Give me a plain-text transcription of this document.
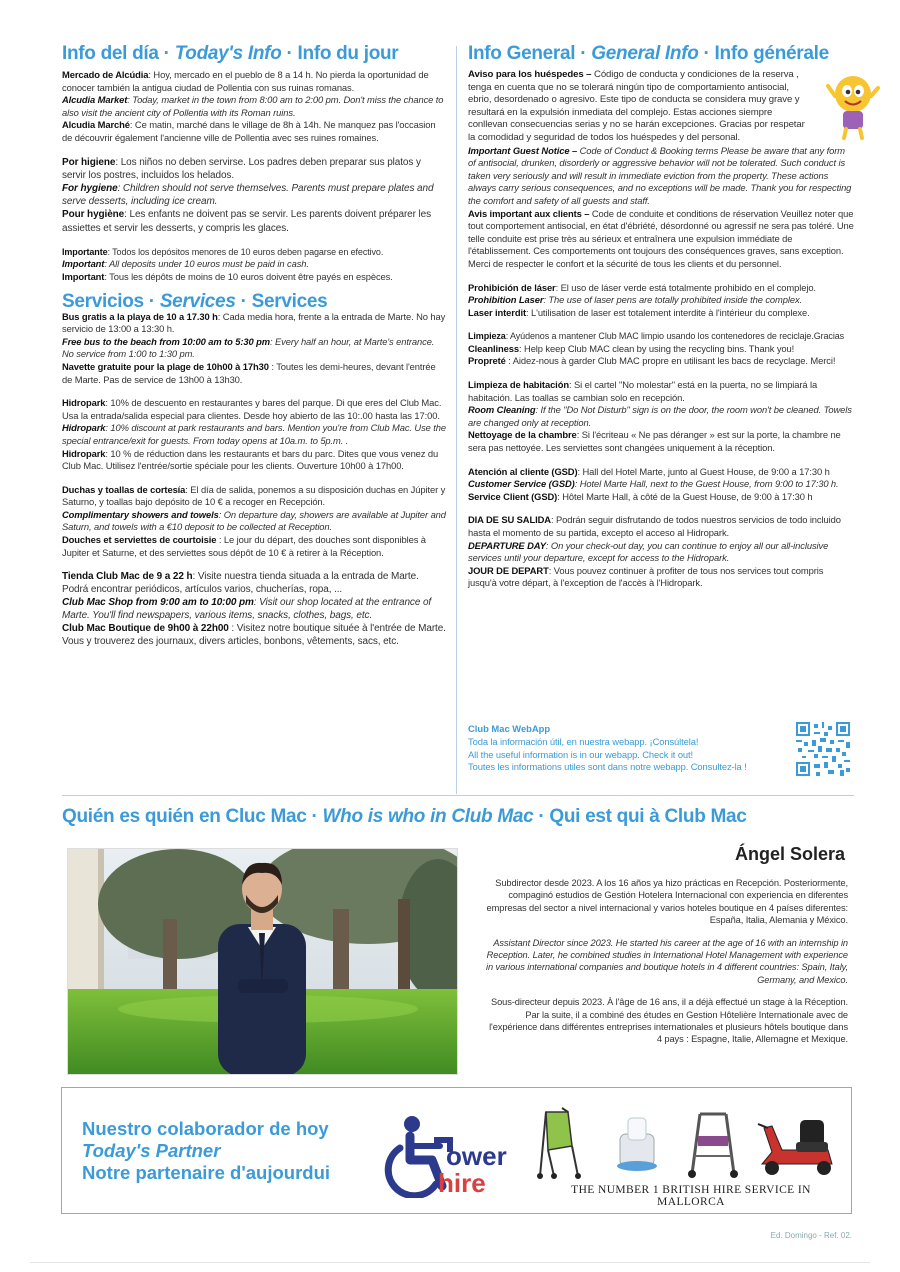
Info del día · Today's Info · Info du jour
Mercado de Alcúdia: Hoy, mercado en el pueblo de 8 a 14 h. No pierda la oportunidad de conocer también la antigua ciudad de Pollentia con sus ruinas romanas.
Alcudia Market: Today, market in the town from 8:00 am to 2:00 pm. Don't miss the chance to also visit the ancient city of Pollentia with its Roman ruins.
Alcudia Marché: Ce matin, marché dans le village de 8h à 14h. Ne manquez pas l'occasion de découvrir également l'ancienne ville de Pollentia avec ses ruines romaines.
Por higiene: Los niños no deben servirse. Los padres deben preparar sus platos y servir los postres, incluidos los helados.
For hygiene: Children should not serve themselves. Parents must prepare plates and serve desserts, including ice cream.
Pour hygiène: Les enfants ne doivent pas se servir. Les parents doivent préparer les assiettes et servir les desserts, y compris les glaces.
Importante: Todos los depósitos menores de 10 euros deben pagarse en efectivo.
Important: All deposits under 10 euros must be paid in cash.
Important: Tous les dépôts de moins de 10 euros doivent être payés en espèces.
Servicios · Services · Services
Bus gratis a la playa de 10 a 17.30 h: Cada media hora, frente a la entrada de Marte. No hay servicio de 13:00 a 13:30 h.
Free bus to the beach from 10:00 am to 5:30 pm: Every half an hour, at Marte's entrance. No service from 1:00 to 1:30 pm.
Navette gratuite pour la plage de 10h00 à 17h30 : Toutes les demi-heures, devant l'entrée de Marte. Pas de service de 13h00 à 13h30.
Hidropark: 10% de descuento en restaurantes y bares del parque. Di que eres del Club Mac. Usa la entrada/salida especial para clientes. Desde hoy abierto de las 10:.00 hasta las 17:00.
Hidropark: 10% discount at park restaurants and bars. Mention you're from Club Mac. Use the special entrance/exit for guests. From today opens at 10a.m. to 5p.m. .
Hidropark: 10 % de réduction dans les restaurants et bars du parc. Dites que vous venez du Club Mac. Utilisez l'entrée/sortie spéciale pour les clients. Ouverture 10h00 à 17h00.
Duchas y toallas de cortesía: El día de salida, ponemos a su disposición duchas en Júpiter y Saturno, y toallas bajo depósito de 10 € a recoger en Recepción.
Complimentary showers and towels: On departure day, showers are available at Jupiter and Saturn, and towels with a €10 deposit to be collected at Reception.
Douches et serviettes de courtoisie : Le jour du départ, des douches sont disponibles à Jupiter et Saturne, et des serviettes sous dépôt de 10 € à retirer à la Réception.
Tienda Club Mac de 9 a 22 h: Visite nuestra tienda situada a la entrada de Marte. Podrá encontrar periódicos, artículos varios, chucherías, ropa, ...
Club Mac Shop from 9:00 am to 10:00 pm: Visit our shop located at the entrance of Marte. You'll find newspapers, various items, snacks, clothes, bags, etc.
Club Mac Boutique de 9h00 à 22h00 : Visitez notre boutique située à l'entrée de Marte. Vous y trouverez des journaux, divers articles, bonbons, vêtements, sacs, etc.
Info General · General Info · Info générale
Aviso para los huéspedes – Código de conducta y condiciones de la reserva , tenga en cuenta que no se tolerará ningún tipo de comportamiento antisocial, ebrio, desordenado o agresivo. Este tipo de conducta se considera muy grave y resultará en la expulsión inmediata del complejo. Estas acciones siempre conllevan consecuencias serias y no se harán excepciones. Gracias por respetar la comodidad y seguridad de todos los huéspedes y del personal.
Important Guest Notice – Code of Conduct & Booking terms Please be aware that any form of antisocial, drunken, disorderly or aggressive behavior will not be tolerated. Such conduct is taken very seriously and will result in immediate eviction from the property. These actions always carry serious consequences, and no exceptions will be made. Thank you for respecting the comfort and safety of all guests and staff.
Avis important aux clients – Code de conduite et conditions de réservation Veuillez noter que tout comportement antisocial, en état d'ébriété, désordonné ou agressif ne sera pas toléré. Une telle conduite est prise très au sérieux et entraînera une expulsion immédiate de l'établissement. Ces comportements ont toujours des conséquences graves, sans exception. Merci de respecter le confort et la sécurité de tous les clients et du personnel.
Prohibición de láser: El uso de láser verde está totalmente prohibido en el complejo.
Prohibition Laser: The use of laser pens are totally prohibited inside the complex.
Laser interdit: L'utilisation de laser est totalement interdite à l'intérieur du complexe.
Limpieza: Ayúdenos a mantener Club MAC limpio usando los contenedores de reciclaje.Gracias
Cleanliness: Help keep Club MAC clean by using the recycling bins. Thank you!
Propreté : Aidez-nous à garder Club MAC propre en utilisant les bacs de recyclage. Merci!
Limpieza de habitación: Si el cartel "No molestar" está en la puerta, no se limpiará la habitación. Las toallas se cambian solo en recepción.
Room Cleaning: If the "Do Not Disturb" sign is on the door, the room won't be cleaned. Towels are changed only at reception.
Nettoyage de la chambre: Si l'écriteau « Ne pas déranger » est sur la porte, la chambre ne sera pas nettoyée. Les serviettes sont changées uniquement à la réception.
Atención al cliente (GSD): Hall del Hotel Marte, junto al Guest House, de 9:00 a 17:30 h
Customer Service (GSD): Hotel Marte Hall, next to the Guest House, from 9:00 to 17:30 h.
Service Client (GSD): Hôtel Marte Hall, à côté de la Guest House, de 9:00 à 17:30 h
DIA DE SU SALIDA: Podrán seguir disfrutando de todos nuestros servicios de todo incluido hasta el momento de su partida, excepto el acceso al Hidropark.
DEPARTURE DAY: On your check-out day, you can continue to enjoy all our all-inclusive services until your departure, except for access to the Hidropark.
JOUR DE DEPART: Vous pouvez continuer à profiter de tous nos services tout compris jusqu'à votre départ, à l'exception de l'accès à l'Hidropark.
Club Mac WebApp
Toda la información útil, en nuestra webapp. ¡Consúltela!
All the useful information is in our webapp. Check it out!
Toutes les informations utiles sont dans notre webapp. Consultez-la !
Quién es quién en Cluc Mac · Who is who in Club Mac · Qui est qui à Club Mac
Ángel Solera
Subdirector desde 2023. A los 16 años ya hizo prácticas en Recepción. Posteriormente, compaginó estudios de Gestión Hotelera Internacional con experiencia en diferentes empresas del sector a nivel internacional y varios hoteles boutique en 4 países diferentes: España, Italia, Alemania y México.
Assistant Director since 2023. He started his career at the age of 16 with an internship in Reception. Later, he combined studies in International Hotel Management with experience in various international companies and boutique hotels in 4 different countries: Spain, Italy, Germany, and Mexico.
Sous-directeur depuis 2023. À l'âge de 16 ans, il a déjà effectué un stage à la Réception. Par la suite, il a combiné des études en Gestion Hôtelière Internationale avec de l'expérience dans différentes entreprises internationales et plusieurs hôtels boutique dans 4 pays : Espagne, Italie, Allemagne et Mexique.
Nuestro colaborador de hoy
Today's Partner
Notre partenaire d'aujourdui
ower
hire	THE NUMBER 1 BRITISH HIRE SERVICE IN MALLORCA
Ed. Domingo - Ref. 02.
